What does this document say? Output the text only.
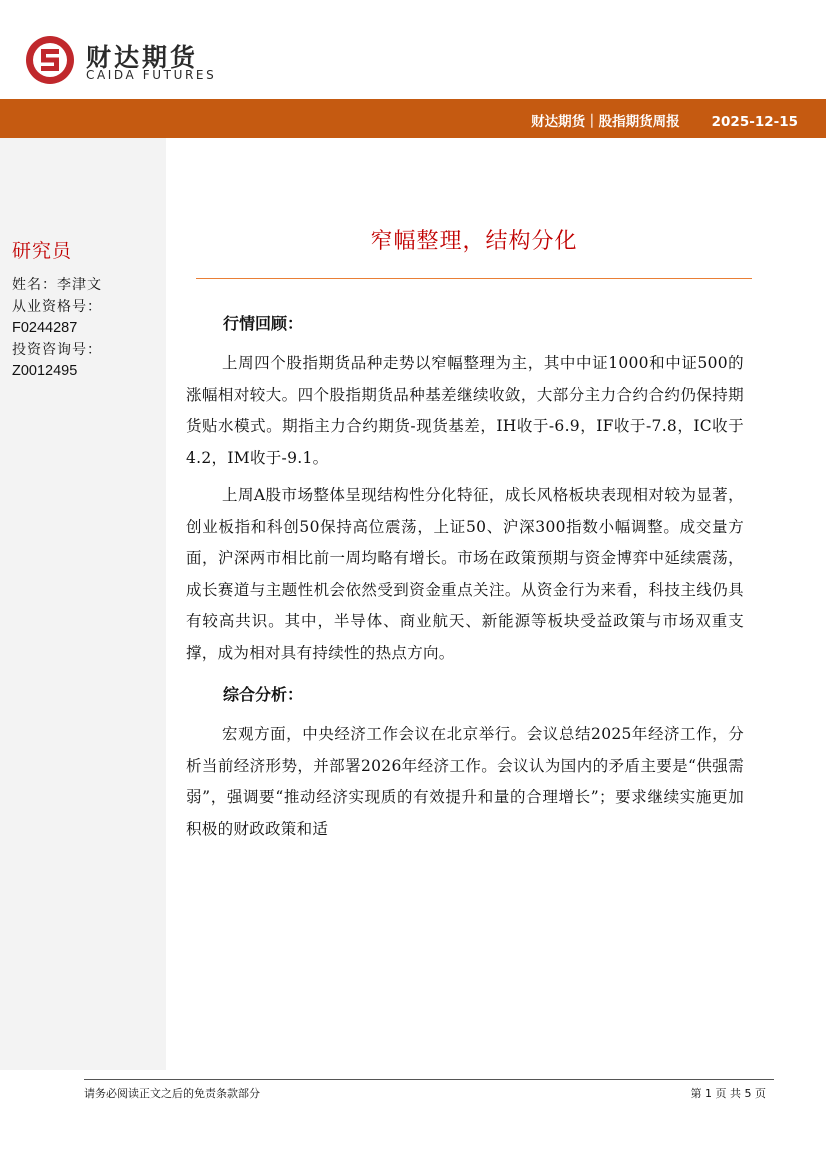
财达期货
CAIDA FUTURES
财达期货｜股指期货周报 2025-12-15
研究员
姓名：李津文
从业资格号：
F0244287
投资咨询号：
Z0012495
窄幅整理，结构分化
行情回顾：

上周四个股指期货品种走势以窄幅整理为主，其中中证1000和中证500的涨幅相对较大。四个股指期货品种基差继续收敛，大部分主力合约合约仍保持期货贴水模式。期指主力合约期货-现货基差，IH收于-6.9，IF收于-7.8，IC收于4.2，IM收于-9.1。

上周A股市场整体呈现结构性分化特征，成长风格板块表现相对较为显著，创业板指和科创50保持高位震荡，上证50、沪深300指数小幅调整。成交量方面，沪深两市相比前一周均略有增长。市场在政策预期与资金博弈中延续震荡，成长赛道与主题性机会依然受到资金重点关注。从资金行为来看，科技主线仍具有较高共识。其中，半导体、商业航天、新能源等板块受益政策与市场双重支撑，成为相对具有持续性的热点方向。

综合分析：

宏观方面，中央经济工作会议在北京举行。会议总结2025年经济工作，分析当前经济形势，并部署2026年经济工作。会议认为国内的矛盾主要是“供强需弱”，强调要“推动经济实现质的有效提升和量的合理增长”；要求继续实施更加积极的财政政策和适

请务必阅读正文之后的免责条款部分	第 1 页 共 5 页
